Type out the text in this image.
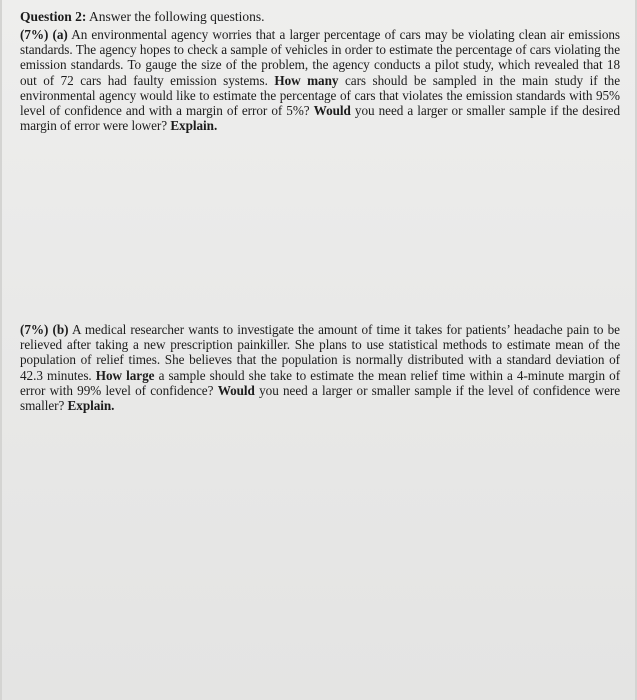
Question 2: Answer the following questions.
(7%) (a) An environmental agency worries that a larger percentage of cars may be violating clean air emissions standards. The agency hopes to check a sample of vehicles in order to estimate the percentage of cars violating the emission standards. To gauge the size of the problem, the agency conducts a pilot study, which revealed that 18 out of 72 cars had faulty emission systems. How many cars should be sampled in the main study if the environmental agency would like to estimate the percentage of cars that violates the emission standards with 95% level of confidence and with a margin of error of 5%? Would you need a larger or smaller sample if the desired margin of error were lower? Explain.
(7%) (b) A medical researcher wants to investigate the amount of time it takes for patients’ headache pain to be relieved after taking a new prescription painkiller. She plans to use statistical methods to estimate mean of the population of relief times. She believes that the population is normally distributed with a standard deviation of 42.3 minutes. How large a sample should she take to estimate the mean relief time within a 4-minute margin of error with 99% level of confidence? Would you need a larger or smaller sample if the level of confidence were smaller? Explain.
